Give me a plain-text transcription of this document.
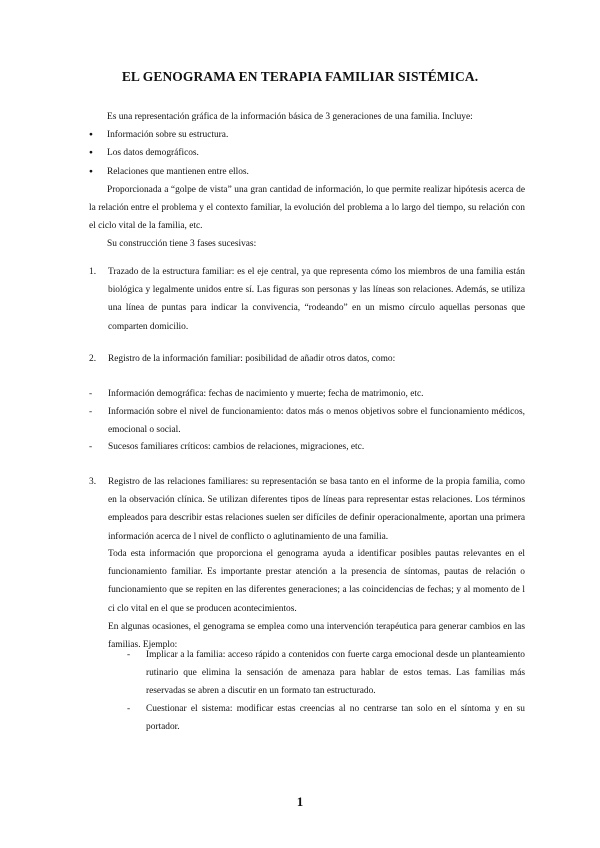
EL GENOGRAMA EN TERAPIA FAMILIAR SISTÉMICA.

Es una representación gráfica de la información básica de 3 generaciones de una familia. Incluye:

● Información sobre su estructura.
● Los datos demográficos.
● Relaciones que mantienen entre ellos.

Proporcionada a “golpe de vista” una gran cantidad de información, lo que permite realizar hipótesis acerca de la relación entre el problema y el contexto familiar, la evolución del problema a lo largo del tiempo, su relación con el ciclo vital de la familia, etc.

Su construcción tiene 3 fases sucesivas:

1.	Trazado de la estructura familiar: es el eje central, ya que representa cómo los miembros de una familia están biológica y legalmente unidos entre sí. Las figuras son personas y las líneas son relaciones. Además, se utiliza una línea de puntas para indicar la convivencia, “rodeando” en un mismo círculo aquellas personas que comparten domicilio.

2.	Registro de la información familiar: posibilidad de añadir otros datos, como:

- Información demográfica: fechas de nacimiento y muerte; fecha de matrimonio, etc.

- Información sobre el nivel de funcionamiento: datos más o menos objetivos sobre el funcionamiento médicos, emocional o social.

- Sucesos familiares críticos: cambios de relaciones, migraciones, etc.

3.	Registro de las relaciones familiares: su representación se basa tanto en el informe de la propia familia, como en la observación clínica. Se utilizan diferentes tipos de líneas para representar estas relaciones. Los términos empleados para describir estas relaciones suelen ser difíciles de definir operacionalmente, aportan una primera información acerca de l nivel de conflicto o aglutinamiento de una familia.

Toda esta información que proporciona el genograma ayuda a identificar posibles pautas relevantes en el funcionamiento familiar. Es importante prestar atención a la presencia de síntomas, pautas de relación o funcionamiento que se repiten en las diferentes generaciones; a las coincidencias de fechas; y al momento de l ci clo vital en el que se producen acontecimientos.

En algunas ocasiones, el genograma se emplea como una intervención terapéutica para generar cambios en las familias. Ejemplo:

- Implicar a la familia: acceso rápido a contenidos con fuerte carga emocional desde un planteamiento rutinario que elimina la sensación de amenaza para hablar de estos temas. Las familias más reservadas se abren a discutir en un formato tan estructurado.

- Cuestionar el sistema: modificar estas creencias al no centrarse tan solo en el síntoma y en su portador.

1
